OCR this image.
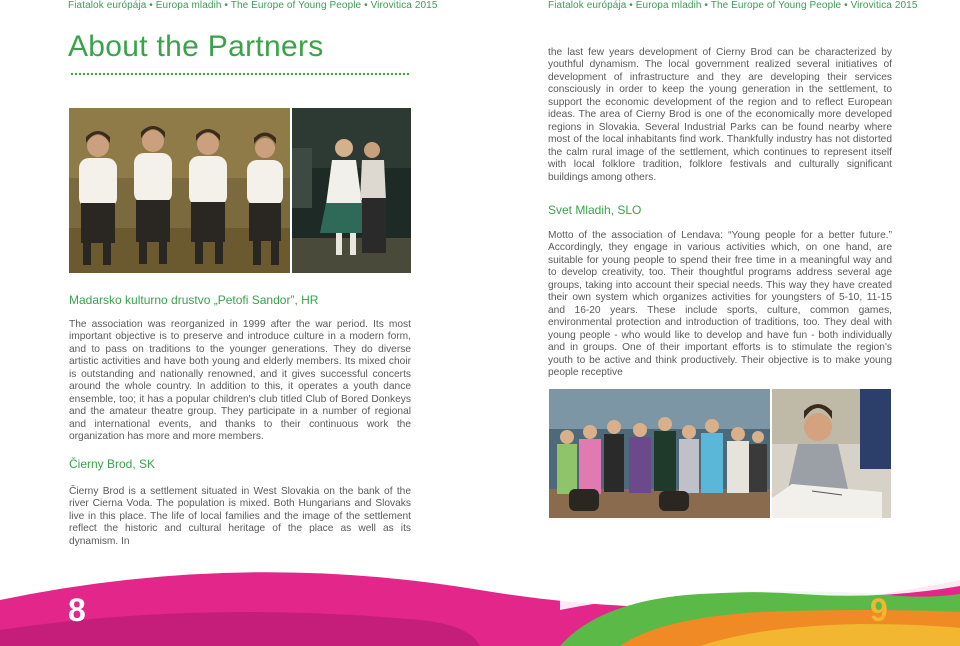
Fiatalok európája • Europa mladih • The Europe of Young People • Virovitica 2015	Fiatalok európája • Europa mladih • The Europe of Young People • Virovitica 2015
About the Partners
Madarsko kulturno drustvo „Petofi Sandor”, HR

The association was reorganized in 1999 after the war period. Its most important objective is to preserve and introduce culture in a modern form, and to pass on traditions to the younger generations. They do diverse artistic activities and have both young and elderly members. Its mixed choir is outstanding and nationally renowned, and it gives successful concerts around the whole country. In addition to this, it operates a youth dance ensemble, too; it has a popular children's club titled Club of Bored Donkeys and the amateur theatre group. They participate in a number of regional and international events, and thanks to their continuous work the organization has more and more members.

Čierny Brod, SK

Čierny Brod is a settlement situated in West Slovakia on the bank of the river Cierna Voda. The population is mixed. Both Hungarians and Slovaks live in this place. The life of local families and the image of the settlement reflect the historic and cultural heritage of the place as well as its dynamism. In

the last few years development of Cierny Brod can be characterized by youthful dynamism. The local government realized several initiatives of development of infrastructure and they are developing their services consciously in order to keep the young generation in the settlement, to support the economic development of the region and to reflect European ideas. The area of Cierny Brod is one of the economically more developed regions in Slovakia. Several Industrial Parks can be found nearby where most of the local inhabitants find work. Thankfully industry has not distorted the calm rural image of the settlement, which continues to represent itself with local folklore tradition, folklore festivals and culturally significant buildings among others.

Svet Mladih, SLO

Motto of the association of Lendava: “Young people for a better future.” Accordingly, they engage in various activities which, on one hand, are suitable for young people to spend their free time in a meaningful way and to develop creativity, too. Their thoughtful programs address several age groups, taking into account their special needs. This way they have created their own system which organizes activities for youngsters of 5-10, 11-15 and 16-20 years. These include sports, culture, common games, environmental protection and introduction of traditions, too. They deal with young people - who would like to develop and have fun - both individually and in groups. One of their important efforts is to stimulate the region's youth to be active and think productively. Their objective is to make young people receptive

8	9
